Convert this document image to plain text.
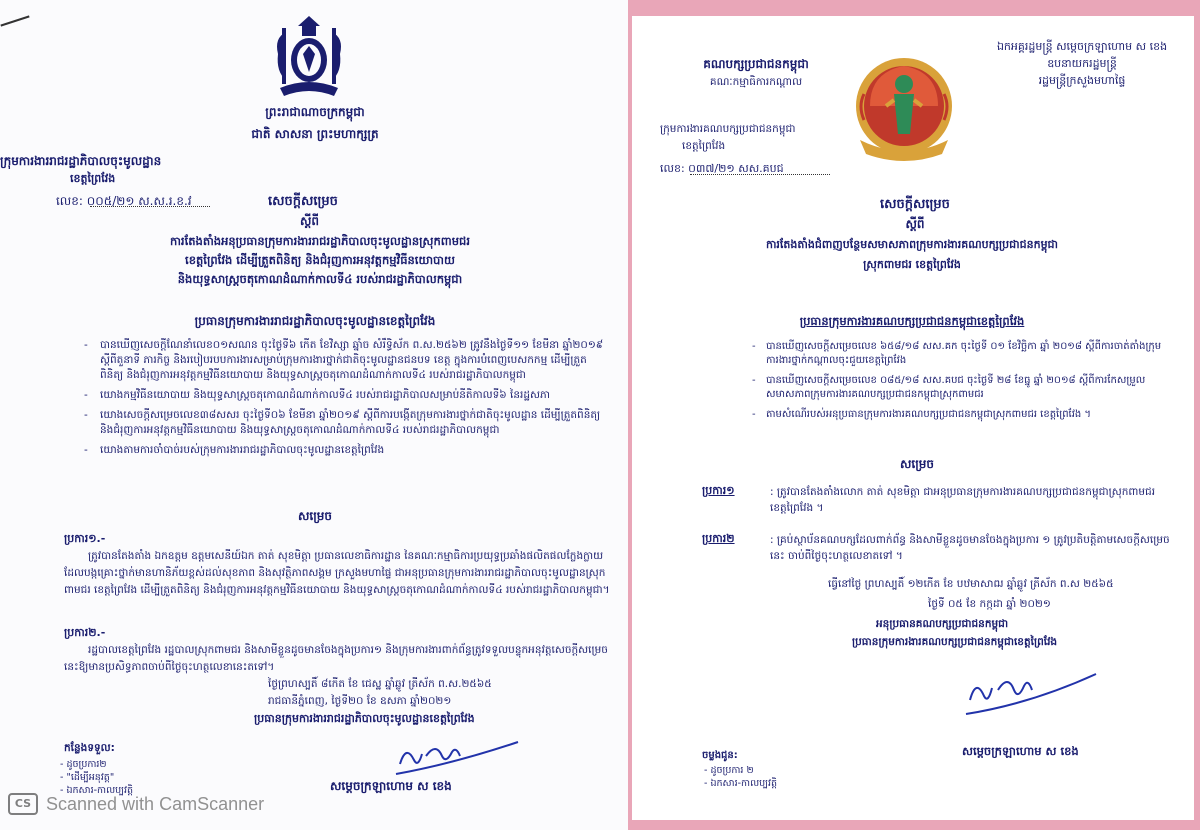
ព្រះរាជាណាចក្រកម្ពុជា
ជាតិ សាសនា ព្រះមហាក្សត្រ
ក្រុមការងាររាជរដ្ឋាភិបាលចុះមូលដ្ឋាន
ខេត្តព្រៃវែង
លេខ: ០០៥/២១ ស.ស.រ.ខ.វ	សេចក្តីសម្រេច
ស្តីពី
ការតែងតាំងអនុប្រធានក្រុមការងាររាជរដ្ឋាភិបាលចុះមូលដ្ឋានស្រុកពាមជរ
ខេត្តព្រៃវែង ដើម្បីត្រួតពិនិត្យ និងជំរុញការអនុវត្តកម្មវិធីនយោបាយ
និងយុទ្ធសាស្ត្រចតុកោណដំណាក់កាលទី៤ របស់រាជរដ្ឋាភិបាលកម្ពុជា
ប្រធានក្រុមការងាររាជរដ្ឋាភិបាលចុះមូលដ្ឋានខេត្តព្រៃវែង
- បានឃើញសេចក្តីណែនាំលេខ០១សណន ចុះថ្ងៃទី៦ កើត ខែវិស្សា ឆ្នាំច សំរឹទ្ធិស័ក ព.ស.២៥៦២ ត្រូវនឹងថ្ងៃទី១១ ខែមីនា ឆ្នាំ២០១៩ ស្តីពីតួនាទី ភារកិច្ច និងរបៀបរបបការងារសម្រាប់ក្រុមការងារថ្នាក់ជាតិចុះមូលដ្ឋានជនបទ ខេត្ត ក្នុងការបំពេញបេសកកម្ម ដើម្បីត្រួតពិនិត្យ និងជំរុញការអនុវត្តកម្មវិធីនយោបាយ និងយុទ្ធសាស្ត្រចតុកោណដំណាក់កាលទី៤ របស់រាជរដ្ឋាភិបាលកម្ពុជា
- យោងកម្មវិធីនយោបាយ និងយុទ្ធសាស្ត្រចតុកោណដំណាក់កាលទី៤ របស់រាជរដ្ឋាភិបាលសម្រាប់នីតិកាលទី៦ នៃរដ្ឋសភា
- យោងសេចក្តីសម្រេចលេខ៣៨សសរ ចុះថ្ងៃទី០៦ ខែមីនា ឆ្នាំ២០១៩ ស្តីពីការបង្កើតក្រុមការងារថ្នាក់ជាតិចុះមូលដ្ឋាន ដើម្បីត្រួតពិនិត្យ និងជំរុញការអនុវត្តកម្មវិធីនយោបាយ និងយុទ្ធសាស្ត្រចតុកោណដំណាក់កាលទី៤ របស់រាជរដ្ឋាភិបាលកម្ពុជា
- យោងតាមការចាំបាច់របស់ក្រុមការងាររាជរដ្ឋាភិបាលចុះមូលដ្ឋានខេត្តព្រៃវែង
សម្រេច
ប្រការ១.-
ត្រូវបានតែងតាំង ឯកឧត្តម ឧត្តមសេនីយ៍ឯក តាត់ សុខមិត្តា ប្រធានលេខាធិការដ្ឋាន នៃគណៈកម្មាធិការប្រយុទ្ធប្រឆាំងផលិតផលក្លែងក្លាយ ដែលបង្កគ្រោះថ្នាក់មានហានិភ័យខ្ពស់ដល់សុខភាព និងសុវត្ថិភាពសង្គម ក្រសួងមហាផ្ទៃ ជាអនុប្រធានក្រុមការងាររាជរដ្ឋាភិបាលចុះមូលដ្ឋានស្រុកពាមជរ ខេត្តព្រៃវែង ដើម្បីត្រួតពិនិត្យ និងជំរុញការអនុវត្តកម្មវិធីនយោបាយ និងយុទ្ធសាស្ត្រចតុកោណដំណាក់កាលទី៤ របស់រាជរដ្ឋាភិបាលកម្ពុជា។
ប្រការ២.-
រដ្ឋបាលខេត្តព្រៃវែង រដ្ឋបាលស្រុកពាមជរ និងសាមីខ្លួនដូចមានចែងក្នុងប្រការ១ និងក្រុមការងារពាក់ព័ន្ធត្រូវទទួលបន្ទុកអនុវត្តសេចក្តីសម្រេចនេះឱ្យមានប្រសិទ្ធភាពចាប់ពីថ្ងៃចុះហត្ថលេខានេះតទៅ។
ថ្ងៃព្រហស្បតិ៍ ៨កើត ខែ ជេស្ឋ ឆ្នាំឆ្លូវ ត្រីស័ក ព.ស.២៥៦៥
រាជធានីភ្នំពេញ, ថ្ងៃទី២០ ខែ ឧសភា ឆ្នាំ២០២១
ប្រធានក្រុមការងាររាជរដ្ឋាភិបាលចុះមូលដ្ឋានខេត្តព្រៃវែង
សម្តេចក្រឡាហោម ស ខេង
កន្លែងទទួល:
- ដូចប្រការ២
- "ដើម្បីអនុវត្ត"
- ឯកសារ-កាលប្បវត្តិ
CS Scanned with CamScanner
គណបក្សប្រជាជនកម្ពុជា
គណៈកម្មាធិការកណ្តាល
ក្រុមការងារគណបក្សប្រជាជនកម្ពុជា
ខេត្តព្រៃវែង
លេខ: ០៣៧/២១ សស.គបជ
ឯកអគ្គរដ្ឋមន្ត្រី សម្តេចក្រឡាហោម ស ខេង ឧបនាយករដ្ឋមន្ត្រី
រដ្ឋមន្ត្រីក្រសួងមហាផ្ទៃ
សេចក្តីសម្រេច
ស្តីពី
ការតែងតាំងជំពាញបន្ថែមសមាសភាពក្រុមការងារគណបក្សប្រជាជនកម្ពុជា
ស្រុកពាមជរ ខេត្តព្រៃវែង
ប្រធានក្រុមការងារគណបក្សប្រជាជនកម្ពុជាខេត្តព្រៃវែង
- បានឃើញសេចក្តីសម្រេចលេខ ៦៥៨/១៨ សស.គក ចុះថ្ងៃទី ០១ ខែវិច្ឆិកា ឆ្នាំ ២០១៨ ស្តីពីការចាត់តាំងក្រុមការងារថ្នាក់កណ្តាលចុះជួយខេត្តព្រៃវែង
- បានឃើញសេចក្តីសម្រេចលេខ ០៨៥/១៨ សស.គបជ ចុះថ្ងៃទី ២៨ ខែធ្នូ ឆ្នាំ ២០១៨ ស្តីពីការកែសម្រួលសមាសភាពក្រុមការងារគណបក្សប្រជាជនកម្ពុជាស្រុកពាមជរ
- តាមសំណើរបស់អនុប្រធានក្រុមការងារគណបក្សប្រជាជនកម្ពុជាស្រុកពាមជរ ខេត្តព្រៃវែង ។
សម្រេច
ប្រការ១	: ត្រូវបានតែងតាំងលោក តាត់ សុខមិត្តា ជាអនុប្រធានក្រុមការងារគណបក្សប្រជាជនកម្ពុជាស្រុកពាមជរ ខេត្តព្រៃវែង ។
ប្រការ២	: គ្រប់ស្ថាប័នគណបក្សដែលពាក់ព័ន្ធ និងសាមីខ្លួនដូចមានចែងក្នុងប្រការ ១ ត្រូវប្រតិបត្តិតាមសេចក្តីសម្រេចនេះ ចាប់ពីថ្ងៃចុះហត្ថលេខាតទៅ ។
ធ្វើនៅថ្ងៃ ព្រហស្បតិ៍ ១២កើត ខែ បឋមាសាឍ ឆ្នាំឆ្លូវ ត្រីស័ក ព.ស ២៥៦៥
ថ្ងៃទី ០៥ ខែ កក្កដា ឆ្នាំ ២០២១
អនុប្រធានគណបក្សប្រជាជនកម្ពុជា
ប្រធានក្រុមការងារគណបក្សប្រជាជនកម្ពុជាខេត្តព្រៃវែង
សម្តេចក្រឡាហោម ស ខេង
ចម្លងជូន:
- ដូចប្រការ ២
- ឯកសារ-កាលប្បវត្តិ
